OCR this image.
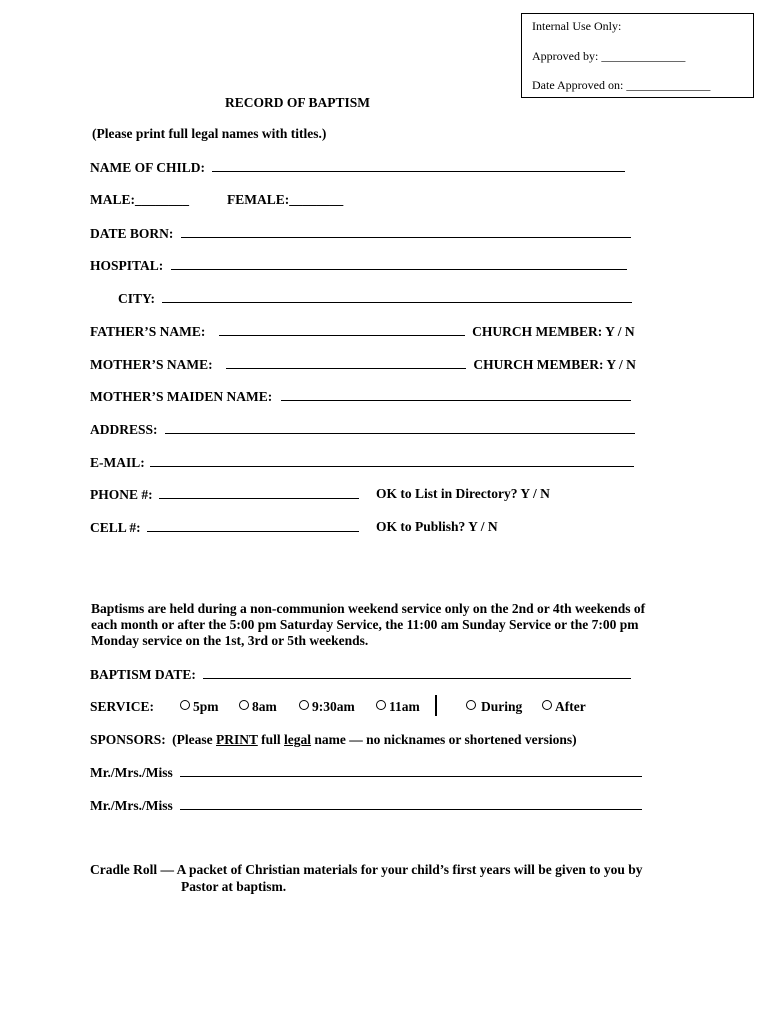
Internal Use Only:
Approved by: ______________
Date Approved on: ______________
RECORD OF BAPTISM
(Please print full legal names with titles.)
NAME OF CHILD:
MALE:________	FEMALE:________
DATE BORN:
HOSPITAL:
CITY:
FATHER’S NAME:	CHURCH MEMBER: Y / N
MOTHER’S NAME:	CHURCH MEMBER: Y / N
MOTHER’S MAIDEN NAME:
ADDRESS:
E-MAIL:
PHONE #:	OK to List in Directory? Y / N
CELL #:	OK to Publish? Y / N
Baptisms are held during a non-communion weekend service only on the 2nd or 4th weekends of
each month or after the 5:00 pm Saturday Service, the 11:00 am Sunday Service or the 7:00 pm
Monday service on the 1st, 3rd or 5th weekends.
BAPTISM DATE:
SERVICE:	5pm	8am	9:30am	11am	During	After
SPONSORS: (Please PRINT full legal name — no nicknames or shortened versions)
Mr./Mrs./Miss
Mr./Mrs./Miss
Cradle Roll — A packet of Christian materials for your child’s first years will be given to you by
Pastor at baptism.
